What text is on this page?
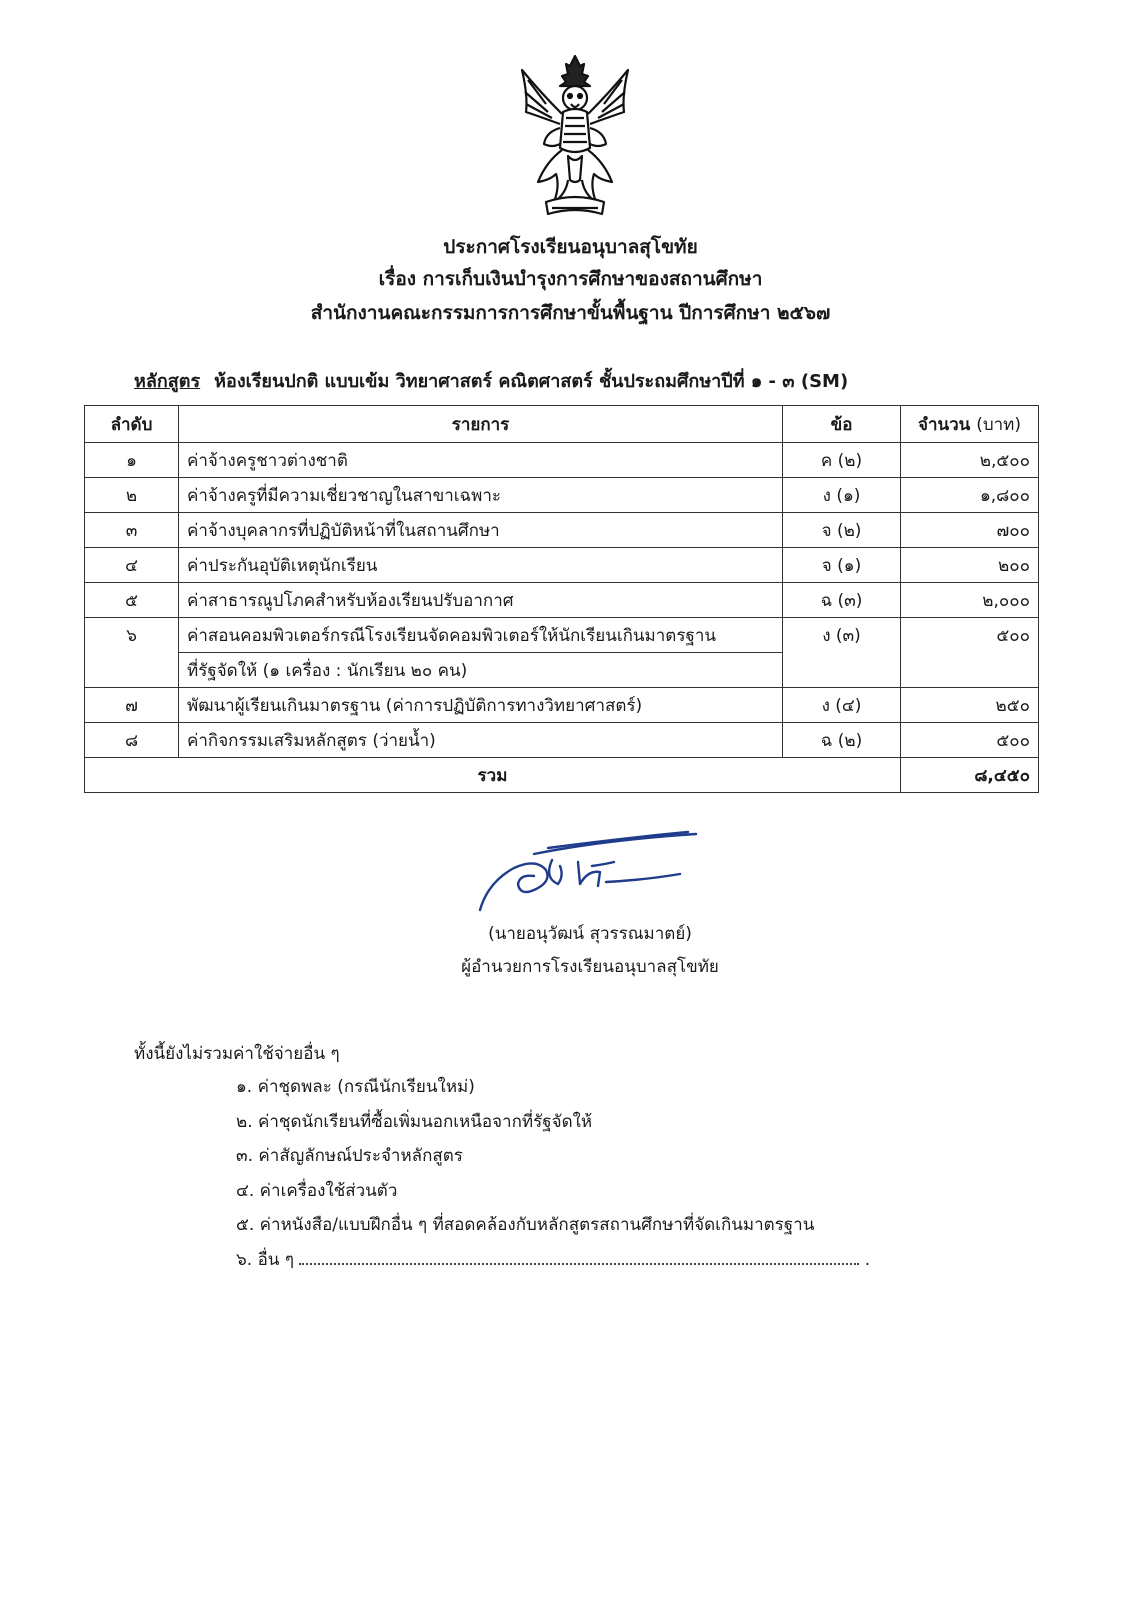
ประกาศโรงเรียนอนุบาลสุโขทัย
เรื่อง การเก็บเงินบำรุงการศึกษาของสถานศึกษา
สำนักงานคณะกรรมการการศึกษาขั้นพื้นฐาน ปีการศึกษา ๒๕๖๗
หลักสูตร ห้องเรียนปกติ แบบเข้ม วิทยาศาสตร์ คณิตศาสตร์ ชั้นประถมศึกษาปีที่ ๑ - ๓ (SM)
ลำดับ	รายการ	ข้อ	จำนวน (บาท)
๑	ค่าจ้างครูชาวต่างชาติ	ค (๒)	๒,๕๐๐
๒	ค่าจ้างครูที่มีความเชี่ยวชาญในสาขาเฉพาะ	ง (๑)	๑,๘๐๐
๓	ค่าจ้างบุคลากรที่ปฏิบัติหน้าที่ในสถานศึกษา	จ (๒)	๗๐๐
๔	ค่าประกันอุบัติเหตุนักเรียน	จ (๑)	๒๐๐
๕	ค่าสาธารณูปโภคสำหรับห้องเรียนปรับอากาศ	ฉ (๓)	๒,๐๐๐
๖	ค่าสอนคอมพิวเตอร์กรณีโรงเรียนจัดคอมพิวเตอร์ให้นักเรียนเกินมาตรฐาน	ง (๓)	๕๐๐
	ที่รัฐจัดให้ (๑ เครื่อง : นักเรียน ๒๐ คน)		
๗	พัฒนาผู้เรียนเกินมาตรฐาน (ค่าการปฏิบัติการทางวิทยาศาสตร์)	ง (๔)	๒๕๐
๘	ค่ากิจกรรมเสริมหลักสูตร (ว่ายน้ำ)	ฉ (๒)	๕๐๐
รวม			๘,๔๕๐
(นายอนุวัฒน์ สุวรรณมาตย์)
ผู้อำนวยการโรงเรียนอนุบาลสุโขทัย
ทั้งนี้ยังไม่รวมค่าใช้จ่ายอื่น ๆ
๑. ค่าชุดพละ (กรณีนักเรียนใหม่)
๒. ค่าชุดนักเรียนที่ซื้อเพิ่มนอกเหนือจากที่รัฐจัดให้
๓. ค่าสัญลักษณ์ประจำหลักสูตร
๔. ค่าเครื่องใช้ส่วนตัว
๕. ค่าหนังสือ/แบบฝึกอื่น ๆ ที่สอดคล้องกับหลักสูตรสถานศึกษาที่จัดเกินมาตรฐาน
๖. อื่น ๆ	.
